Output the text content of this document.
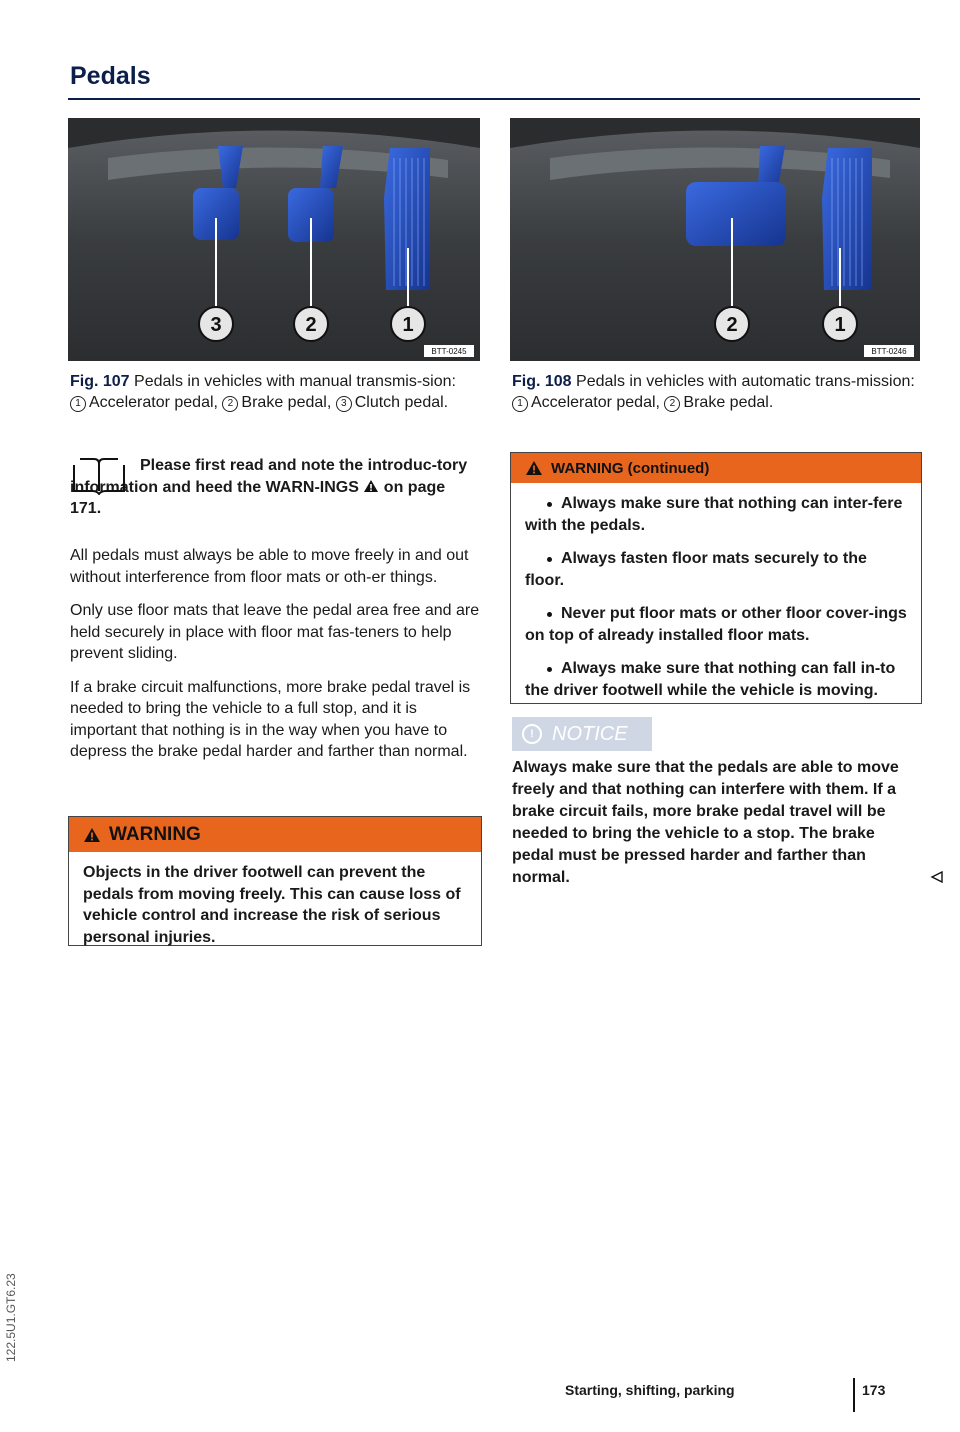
Pedals
3	2	1
BTT-0245
Fig. 107 Pedals in vehicles with manual transmis-sion: 1 Accelerator pedal, 2 Brake pedal, 3 Clutch pedal.
Please first read and note the introduc-tory information and heed the WARN-INGS on page 171.

All pedals must always be able to move freely in and out without interference from floor mats or oth-er things.

Only use floor mats that leave the pedal area free and are held securely in place with floor mat fas-teners to help prevent sliding.

If a brake circuit malfunctions, more brake pedal travel is needed to bring the vehicle to a full stop, and it is important that nothing is in the way when you have to depress the brake pedal harder and farther than normal.

WARNING
Objects in the driver footwell can prevent the pedals from moving freely. This can cause loss of vehicle control and increase the risk of serious personal injuries.
2	1
BTT-0246
Fig. 108 Pedals in vehicles with automatic trans-mission: 1 Accelerator pedal, 2 Brake pedal.
WARNING (continued)
Always make sure that nothing can inter-fere with the pedals.
Always fasten floor mats securely to the floor.
Never put floor mats or other floor cover-ings on top of already installed floor mats.
Always make sure that nothing can fall in-to the driver footwell while the vehicle is moving.
! NOTICE
Always make sure that the pedals are able to move freely and that nothing can interfere with them. If a brake circuit fails, more brake pedal travel will be needed to bring the vehicle to a stop. The brake pedal must be pressed harder and farther than normal.
Starting, shifting, parking	173
122.5U1.GT6.23
